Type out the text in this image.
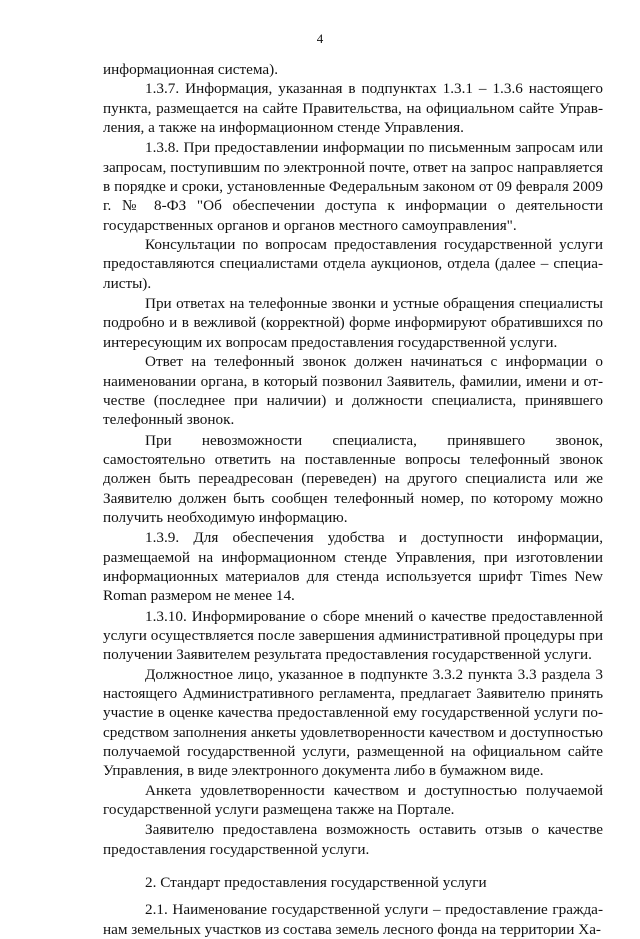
4

информационная система).

1.3.7. Информация, указанная в подпунктах 1.3.1 – 1.3.6 настоящего пункта, размещается на сайте Правительства, на официальном сайте Управления, а также на информационном стенде Управления.

1.3.8. При предоставлении информации по письменным запросам или запросам, поступившим по электронной почте, ответ на запрос направляется в порядке и сроки, установленные Федеральным законом от 09 февраля 2009 г. № 8-ФЗ "Об обеспечении доступа к информации о деятельности государственных органов и органов местного самоуправления".

Консультации по вопросам предоставления государственной услуги предоставляются специалистами отдела аукционов, отдела (далее – специалисты).

При ответах на телефонные звонки и устные обращения специалисты подробно и в вежливой (корректной) форме информируют обратившихся по интересующим их вопросам предоставления государственной услуги.

Ответ на телефонный звонок должен начинаться с информации о наименовании органа, в который позвонил Заявитель, фамилии, имени и отчестве (последнее при наличии) и должности специалиста, принявшего телефонный звонок.

При невозможности специалиста, принявшего звонок, самостоятельно ответить на поставленные вопросы телефонный звонок должен быть переадресован (переведен) на другого специалиста или же Заявителю должен быть сообщен телефонный номер, по которому можно получить необходимую информацию.

1.3.9. Для обеспечения удобства и доступности информации, размещаемой на информационном стенде Управления, при изготовлении информационных материалов для стенда используется шрифт Times New Roman размером не менее 14.

1.3.10. Информирование о сборе мнений о качестве предоставленной услуги осуществляется после завершения административной процедуры при получении Заявителем результата предоставления государственной услуги.

Должностное лицо, указанное в подпункте 3.3.2 пункта 3.3 раздела 3 настоящего Административного регламента, предлагает Заявителю принять участие в оценке качества предоставленной ему государственной услуги посредством заполнения анкеты удовлетворенности качеством и доступностью получаемой государственной услуги, размещенной на официальном сайте Управления, в виде электронного документа либо в бумажном виде.

Анкета удовлетворенности качеством и доступностью получаемой государственной услуги размещена также на Портале.

Заявителю предоставлена возможность оставить отзыв о качестве предоставления государственной услуги.

2. Стандарт предоставления государственной услуги

2.1. Наименование государственной услуги – предоставление гражданам земельных участков из состава земель лесного фонда на территории Ха-
